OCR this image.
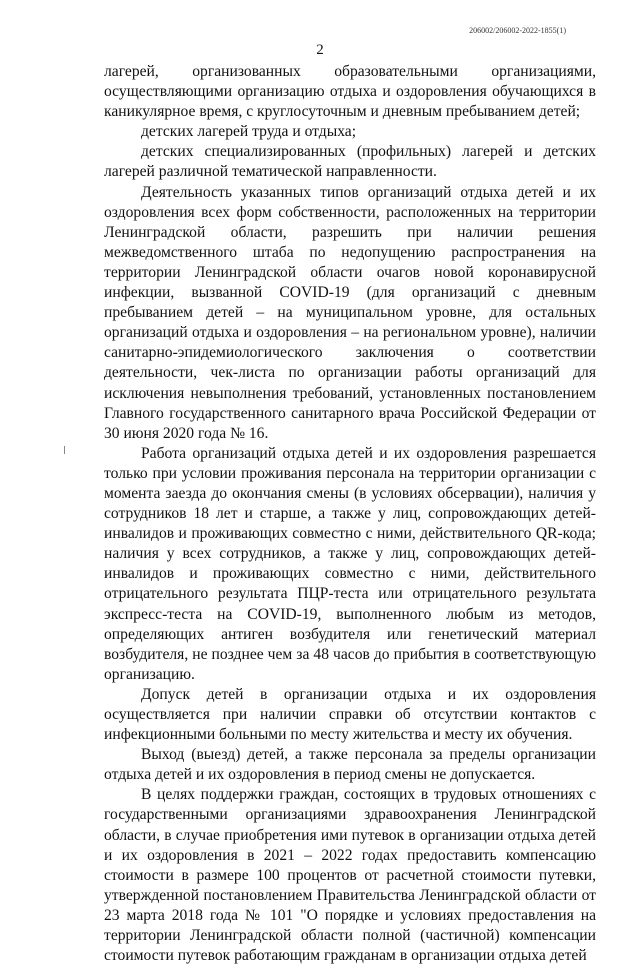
206002/206002-2022-1855(1)
2

лагерей, организованных образовательными организациями, осуществляющими организацию отдыха и оздоровления обучающихся в каникулярное время, с круглосуточным и дневным пребыванием детей;

детских лагерей труда и отдыха;

детских специализированных (профильных) лагерей и детских лагерей различной тематической направленности.

Деятельность указанных типов организаций отдыха детей и их оздоровления всех форм собственности, расположенных на территории Ленинградской области, разрешить при наличии решения межведомственного штаба по недопущению распространения на территории Ленинградской области очагов новой коронавирусной инфекции, вызванной COVID-19 (для организаций с дневным пребыванием детей – на муниципальном уровне, для остальных организаций отдыха и оздоровления – на региональном уровне), наличии санитарно-эпидемиологического заключения о соответствии деятельности, чек-листа по организации работы организаций для исключения невыполнения требований, установленных постановлением Главного государственного санитарного врача Российской Федерации от 30 июня 2020 года № 16.

Работа организаций отдыха детей и их оздоровления разрешается только при условии проживания персонала на территории организации с момента заезда до окончания смены (в условиях обсервации), наличия у сотрудников 18 лет и старше, а также у лиц, сопровождающих детей-инвалидов и проживающих совместно с ними, действительного QR-кода; наличия у всех сотрудников, а также у лиц, сопровождающих детей-инвалидов и проживающих совместно с ними, действительного отрицательного результата ПЦР-теста или отрицательного результата экспресс-теста на COVID-19, выполненного любым из методов, определяющих антиген возбудителя или генетический материал возбудителя, не позднее чем за 48 часов до прибытия в соответствующую организацию.

Допуск детей в организации отдыха и их оздоровления осуществляется при наличии справки об отсутствии контактов с инфекционными больными по месту жительства и месту их обучения.

Выход (выезд) детей, а также персонала за пределы организации отдыха детей и их оздоровления в период смены не допускается.

В целях поддержки граждан, состоящих в трудовых отношениях с государственными организациями здравоохранения Ленинградской области, в случае приобретения ими путевок в организации отдыха детей и их оздоровления в 2021 – 2022 годах предоставить компенсацию стоимости в размере 100 процентов от расчетной стоимости путевки, утвержденной постановлением Правительства Ленинградской области от 23 марта 2018 года № 101 "О порядке и условиях предоставления на территории Ленинградской области полной (частичной) компенсации стоимости путевок работающим гражданам в организации отдыха детей
